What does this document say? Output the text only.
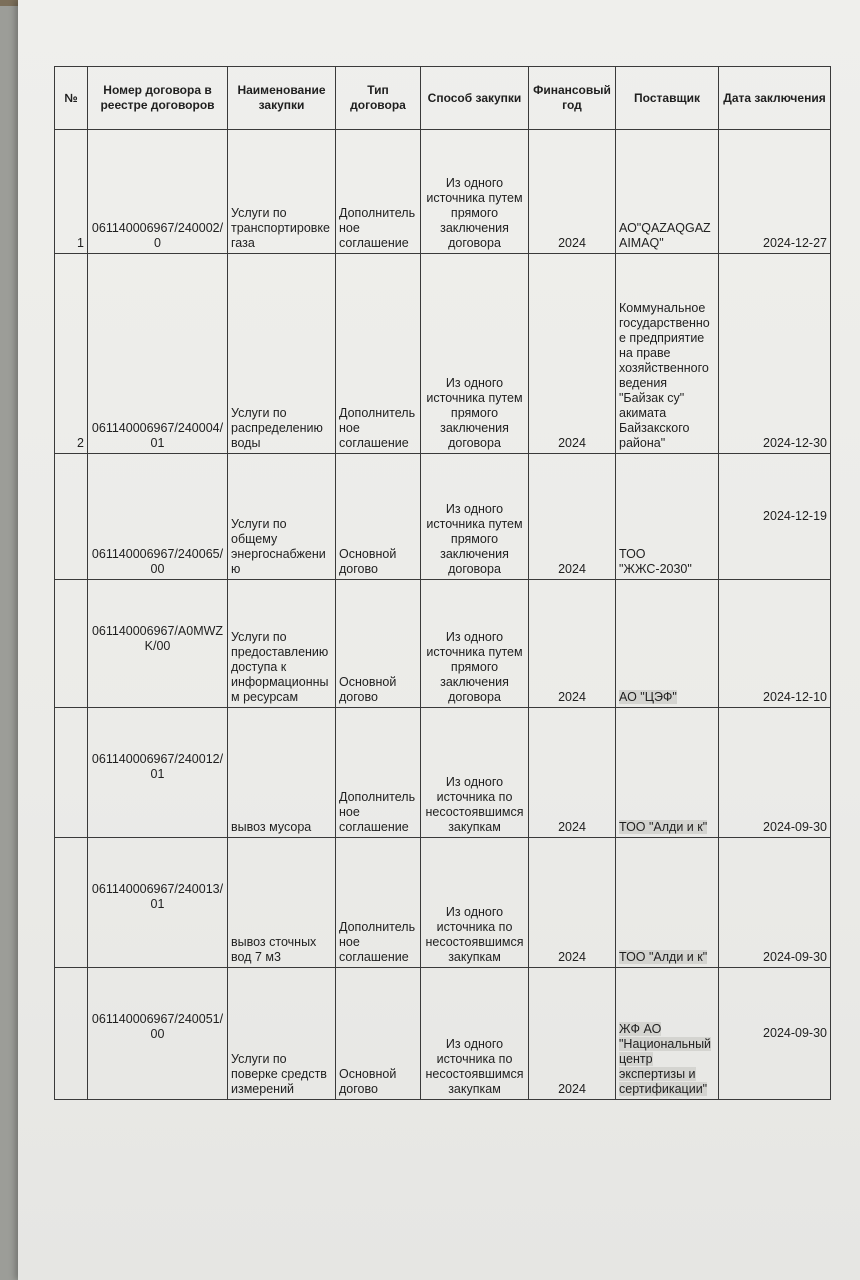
№	Номер договора в реестре договоров	Наименование закупки	Тип договора	Способ закупки	Финансовый год	Поставщик	Дата заключения
1	061140006967/240002/0	Услуги по транспортировке газа	Дополнительное соглашение	Из одного источника путем прямого заключения договора	2024	АО"QAZAQGAZ AIMAQ"	2024-12-27
2	061140006967/240004/01	Услуги по распределению воды	Дополнительное соглашение	Из одного источника путем прямого заключения договора	2024	Коммунальное государственное предприятие на праве хозяйственного ведения "Байзак су" акимата Байзакского района"	2024-12-30
	061140006967/240065/00	Услуги по общему энергоснабжению	Основной догово	Из одного источника путем прямого заключения договора	2024	ТОО "ЖЖС-2030"	2024-12-19
	061140006967/A0MWZK/00	Услуги по предоставлению доступа к информационным ресурсам	Основной догово	Из одного источника путем прямого заключения договора	2024	АО "ЦЭФ"	2024-12-10
	061140006967/240012/01	вывоз мусора	Дополнительное соглашение	Из одного источника по несостоявшимся закупкам	2024	ТОО "Алди и к"	2024-09-30
	061140006967/240013/01	вывоз сточных вод 7 м3	Дополнительное соглашение	Из одного источника по несостоявшимся закупкам	2024	ТОО "Алди и к"	2024-09-30
	061140006967/240051/00	Услуги по поверке средств измерений	Основной догово	Из одного источника по несостоявшимся закупкам	2024	ЖФ АО "Национальный центр экспертизы и сертификации"	2024-09-30
